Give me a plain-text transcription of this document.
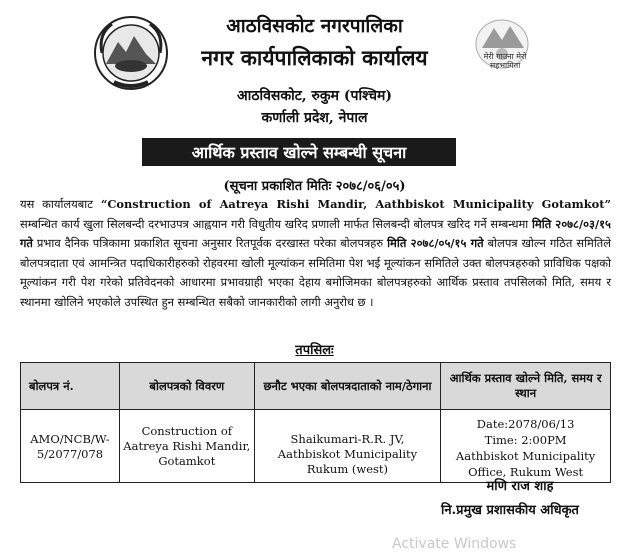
मेरी गाउना मेरो सहभागिता
आठविसकोट नगरपालिका
नगर कार्यपालिकाको कार्यालय
आठविसकोट, रुकुम (पश्चिम)
कर्णाली प्रदेश, नेपाल
आर्थिक प्रस्ताव खोल्ने सम्बन्धी सूचना
(सूचना प्रकाशित मितिः २०७८/०६/०५)
यस कार्यालयबाट “Construction of Aatreya Rishi Mandir, Aathbiskot Municipality Gotamkot” सम्बन्धित कार्य खुला सिलबन्दी दरभाउपत्र आह्वयान गरी विधुतीय खरिद प्रणाली मार्फत सिलबन्दी बोलपत्र खरिद गर्ने सम्बन्धमा मिति २०७८/०३/१५ गते प्रभाव दैनिक पत्रिकामा प्रकाशित सूचना अनुसार रितपूर्वक दरखास्त परेका बोलपत्रहरु मिति २०७८/०५/१५ गते बोलपत्र खोल्न गठित समितिले बोलपत्रदाता एवं आमन्त्रित पदाधिकारीहरुको रोहवरमा खोली मूल्यांकन समितिमा पेश भई मूल्यांकन समितिले उक्त बोलपत्रहरुको प्राविधिक पक्षको मूल्यांकन गरी पेश गरेको प्रतिवेदनको आधारमा प्रभावग्राही भएका देहाय बमोजिमका बोलपत्रहरुको आर्थिक प्रस्ताव तपसिलको मिति, समय र स्थानमा खोलिने भएकोले उपस्थित हुन सम्बन्धित सबैको जानकारीको लागी अनुरोध छ ।
तपसिलः
बोलपत्र नं.	बोलपत्रको विवरण	छनौट भएका बोलपत्रदाताको नाम/ठेगाना	आर्थिक प्रस्ताव खोल्ने मिति, समय र स्थान
AMO/NCB/W-5/2077/078	Construction of Aatreya Rishi Mandir, Gotamkot	Shaikumari-R.R. JV, Aathbiskot Municipality Rukum (west)	Date:2078/06/13
Time: 2:00PM
Aathbiskot Municipality Office, Rukum West
मणि राज शाह
नि.प्रमुख प्रशासकीय अधिकृत
Activate Windows
